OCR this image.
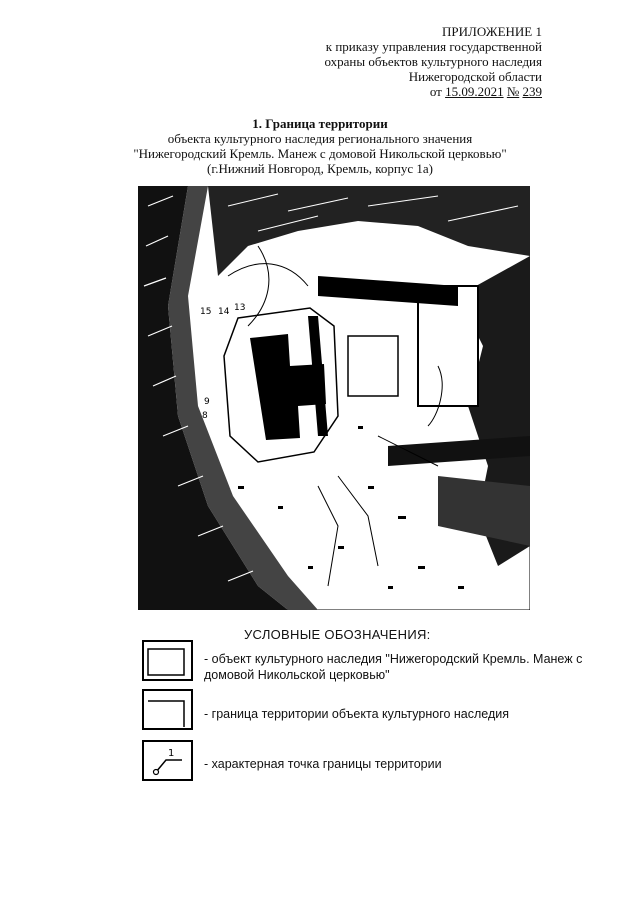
ПРИЛОЖЕНИЕ 1
к приказу управления государственной
охраны объектов культурного наследия
Нижегородской области
от 15.09.2021 № 239
1. Граница территории
объекта культурного наследия регионального значения
"Нижегородский Кремль. Манеж с домовой Никольской церковью"
(г.Нижний Новгород, Кремль, корпус 1а)
15 14 13
9
8
УСЛОВНЫЕ ОБОЗНАЧЕНИЯ:
- объект культурного наследия "Нижегородский Кремль. Манеж с домовой Никольской церковью"
- граница территории объекта культурного наследия
1
- характерная точка границы территории
